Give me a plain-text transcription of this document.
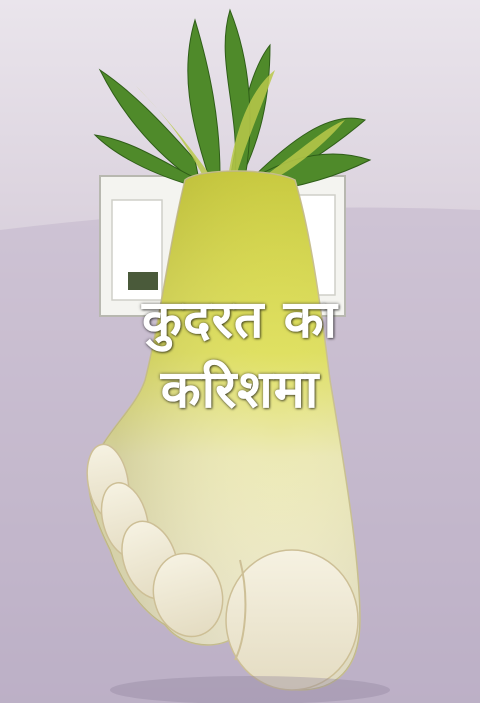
कुदरत का
करिशमा
